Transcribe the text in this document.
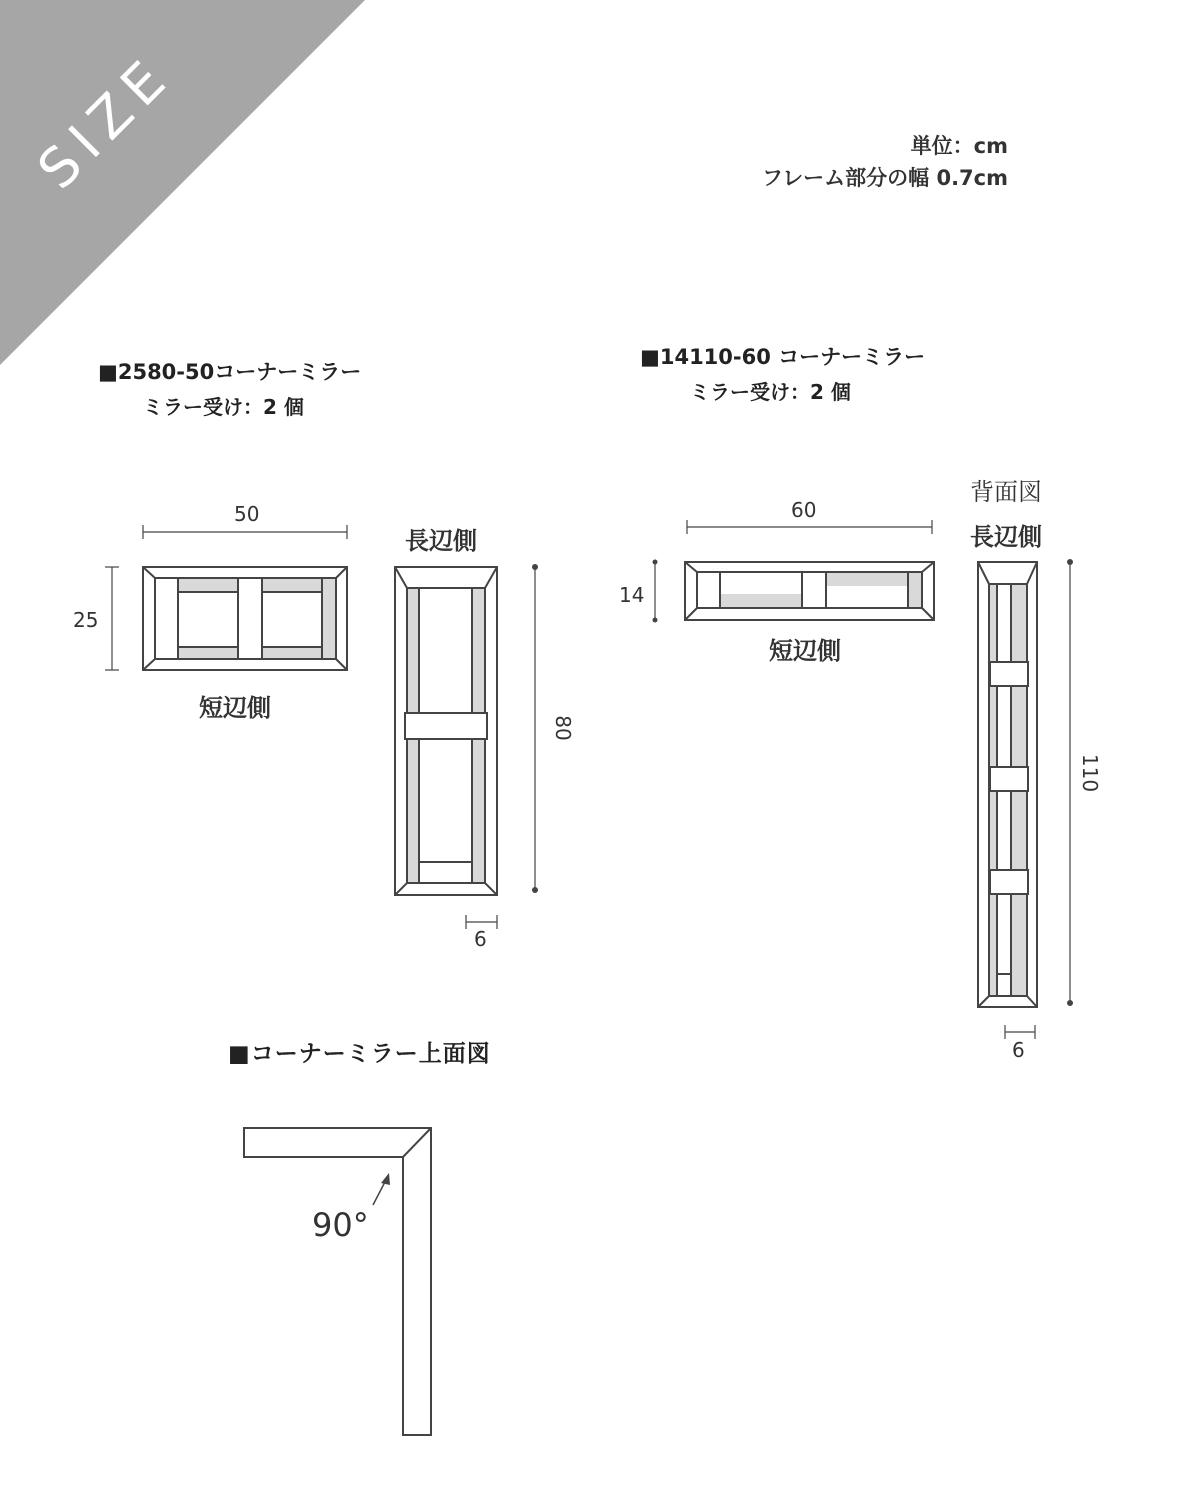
SIZE
80
110
単位：cm
フレーム部分の幅 0.7cm
■2580-50コーナーミラー
ミラー受け：2 個
50
25
短辺側
長辺側
6
■14110-60 コーナーミラー
ミラー受け：2 個
60
14
短辺側
背面図
長辺側
6
■コーナーミラー上面図
90°
